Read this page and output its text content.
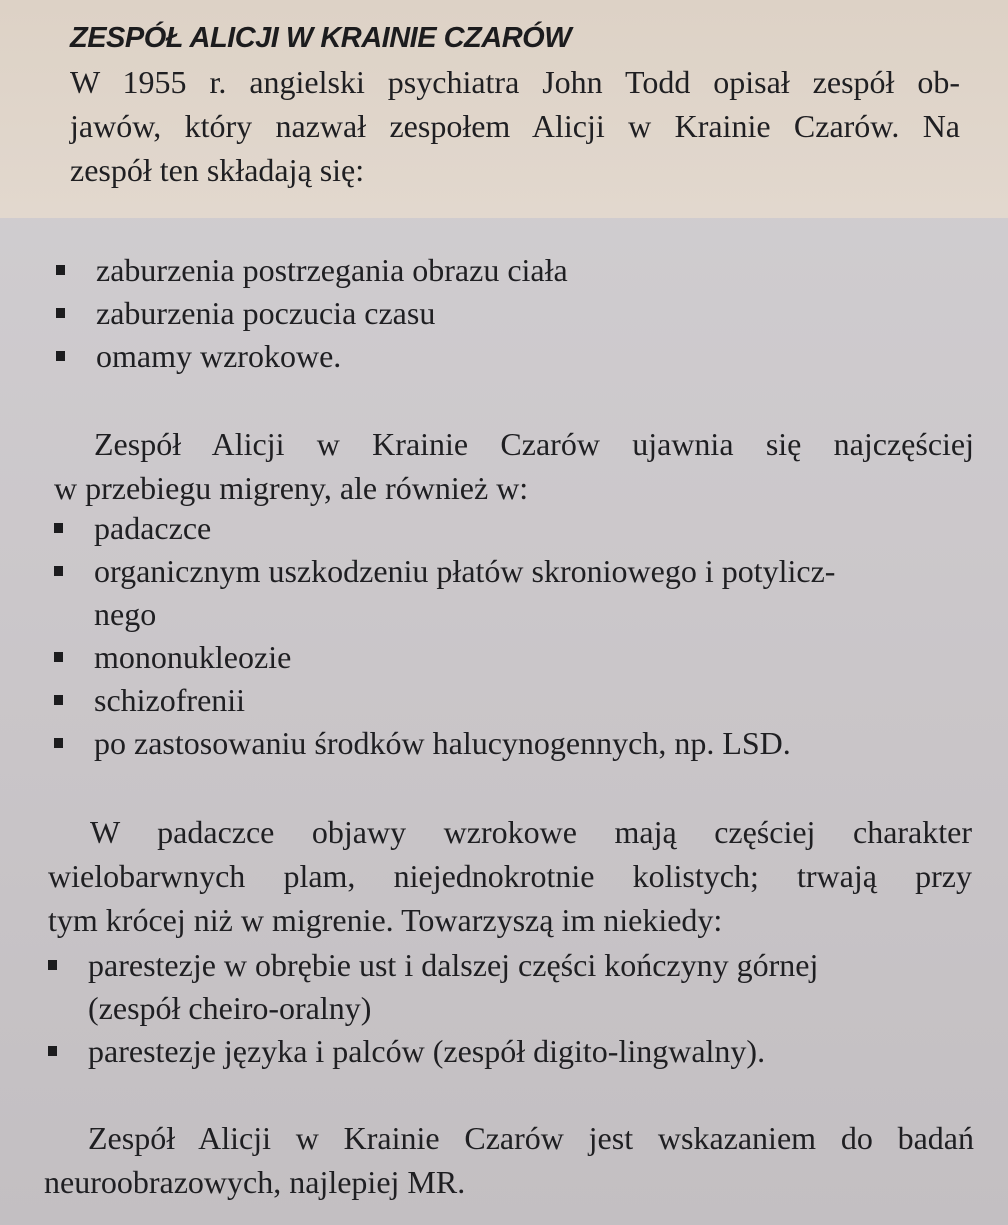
ZESPÓŁ ALICJI W KRAINIE CZARÓW

W 1955 r. angielski psychiatra John Todd opisał zespół ob-
jawów, który nazwał zespołem Alicji w Krainie Czarów. Na
zespół ten składają się:

zaburzenia postrzegania obrazu ciała
zaburzenia poczucia czasu
omamy wzrokowe.

Zespół Alicji w Krainie Czarów ujawnia się najczęściej
w przebiegu migreny, ale również w:

padaczce
organicznym uszkodzeniu płatów skroniowego i potylicz-
nego
mononukleozie
schizofrenii
po zastosowaniu środków halucynogennych, np. LSD.

W padaczce objawy wzrokowe mają częściej charakter
wielobarwnych plam, niejednokrotnie kolistych; trwają przy
tym krócej niż w migrenie. Towarzyszą im niekiedy:

parestezje w obrębie ust i dalszej części kończyny górnej
(zespół cheiro-oralny)
parestezje języka i palców (zespół digito-lingwalny).

Zespół Alicji w Krainie Czarów jest wskazaniem do badań
neuroobrazowych, najlepiej MR.
